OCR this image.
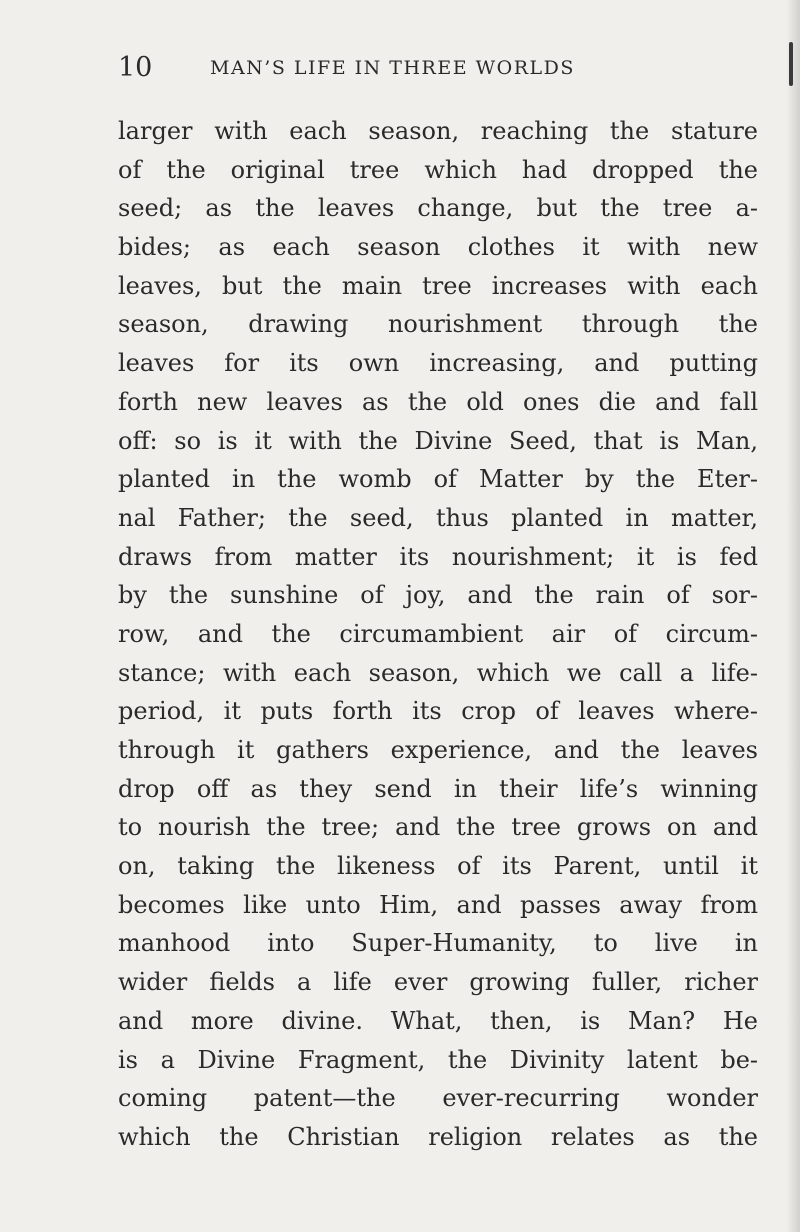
10	MAN’S LIFE IN THREE WORLDS
larger with each season, reaching the stature
of the original tree which had dropped the
seed; as the leaves change, but the tree a-
bides; as each season clothes it with new
leaves, but the main tree increases with each
season, drawing nourishment through the
leaves for its own increasing, and putting
forth new leaves as the old ones die and fall
off: so is it with the Divine Seed, that is Man,
planted in the womb of Matter by the Eter-
nal Father; the seed, thus planted in matter,
draws from matter its nourishment; it is fed
by the sunshine of joy, and the rain of sor-
row, and the circumambient air of circum-
stance; with each season, which we call a life-
period, it puts forth its crop of leaves where-
through it gathers experience, and the leaves
drop off as they send in their life’s winning
to nourish the tree; and the tree grows on and
on, taking the likeness of its Parent, until it
becomes like unto Him, and passes away from
manhood into Super-Humanity, to live in
wider fields a life ever growing fuller, richer
and more divine. What, then, is Man? He
is a Divine Fragment, the Divinity latent be-
coming patent—the ever-recurring wonder
which the Christian religion relates as the
